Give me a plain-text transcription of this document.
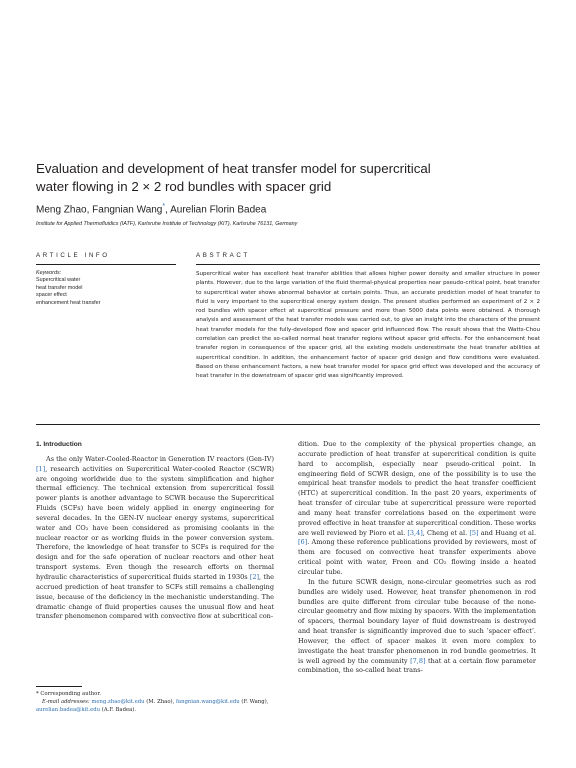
Evaluation and development of heat transfer model for supercritical
water flowing in 2 × 2 rod bundles with spacer grid
Meng Zhao, Fangnian Wang*, Aurelian Florin Badea
Institute for Applied Thermofluidics (IATF), Karlsruhe Institute of Technology (KIT), Karlsruhe 76131, Germany
ARTICLE INFO	ABSTRACT
Keywords:
Supercritical water
heat transfer model
spacer effect
enhancement heat transfer
Supercritical water has excellent heat transfer abilities that allows higher power density and smaller structure in power plants. However, due to the large variation of the fluid thermal-physical properties near pseudo-critical point, heat transfer to supercritical water shows abnormal behavior at certain points. Thus, an accurate prediction model of heat transfer to fluid is very important to the supercritical energy system design. The present studies performed an experiment of 2 × 2 rod bundles with spacer effect at supercritical pressure and more than 5000 data points were obtained. A thorough analysis and assessment of the heat transfer models was carried out, to give an insight into the characters of the present heat transfer models for the fully-developed flow and spacer grid influenced flow. The result shows that the Watts-Chou correlation can predict the so-called normal heat transfer regions without spacer grid effects. For the enhancement heat transfer region in consequence of the spacer grid, all the existing models underestimate the heat transfer abilities at supercritical condition. In addition, the enhancement factor of spacer grid design and flow conditions were evaluated. Based on these enhancement factors, a new heat transfer model for space grid effect was developed and the accuracy of heat transfer in the downstream of spacer grid was significantly improved.
1. Introduction

As the only Water-Cooled-Reactor in Generation IV reactors (Gen-IV) [1], research activities on Supercritical Water-cooled Reactor (SCWR) are ongoing worldwide due to the system simplification and higher thermal efficiency. The technical extension from supercritical fossil power plants is another advantage to SCWR because the Supercritical Fluids (SCFs) have been widely applied in energy engineering for several decades. In the GEN-IV nuclear energy systems, supercritical water and CO₂ have been considered as promising coolants in the nuclear reactor or as working fluids in the power conversion system. Therefore, the knowledge of heat transfer to SCFs is required for the design and for the safe operation of nuclear reactors and other heat transport systems. Even though the research efforts on thermal hydraulic characteristics of supercritical fluids started in 1930s [2], the accrued prediction of heat transfer to SCFs still remains a challenging issue, because of the deficiency in the mechanistic understanding. The dramatic change of fluid properties causes the unusual flow and heat transfer phenomenon compared with convective flow at subcritical con-

* Corresponding author.
E-mail addresses: meng.zhao@kit.edu (M. Zhao), fangnian.wang@kit.edu (F. Wang), aurelian.badea@kit.edu (A.F. Badea).

dition. Due to the complexity of the physical properties change, an accurate prediction of heat transfer at supercritical condition is quite hard to accomplish, especially near pseudo-critical point. In engineering field of SCWR design, one of the possibility is to use the empirical heat transfer models to predict the heat transfer coefficient (HTC) at supercritical condition. In the past 20 years, experiments of heat transfer of circular tube at supercritical pressure were reported and many heat transfer correlations based on the experiment were proved effective in heat transfer at supercritical condition. These works are well reviewed by Pioro et al. [3,4], Cheng et al. [5] and Huang et al. [6]. Among these reference publications provided by reviewers, most of them are focused on convective heat transfer experiments above critical point with water, Freon and CO₂ flowing inside a heated circular tube.

In the future SCWR design, none-circular geometries such as rod bundles are widely used. However, heat transfer phenomenon in rod bundles are quite different from circular tube because of the none-circular geometry and flow mixing by spacers. With the implementation of spacers, thermal boundary layer of fluid downstream is destroyed and heat transfer is significantly improved due to such ‘spacer effect’. However, the effect of spacer makes it even more complex to investigate the heat transfer phenomenon in rod bundle geometries. It is well agreed by the community [7,8] that at a certain flow parameter combination, the so-called heat trans-
